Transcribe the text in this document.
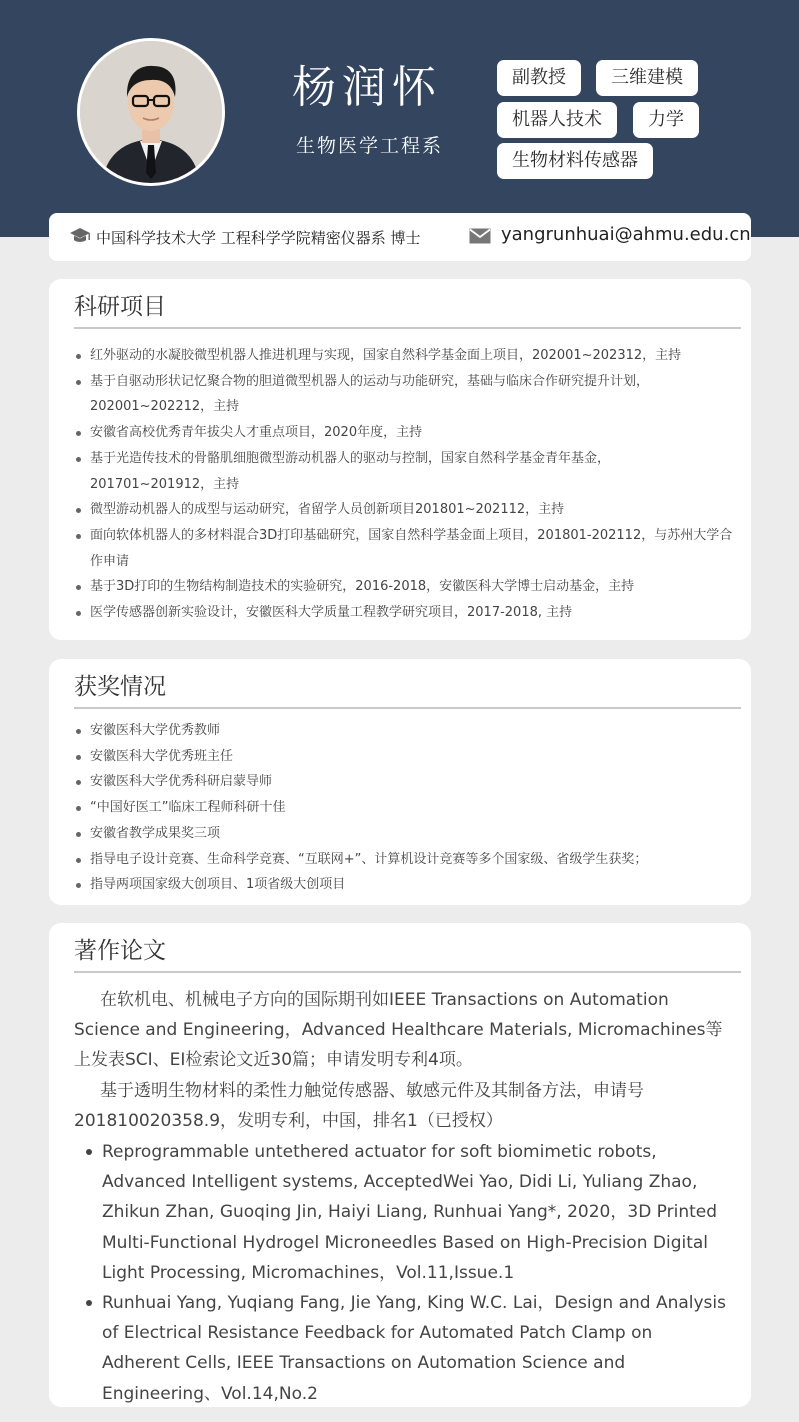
杨润怀
生物医学工程系
副教授	三维建模
机器人技术	力学
生物材料传感器
中国科学技术大学 工程科学学院精密仪器系 博士	yangrunhuai@ahmu.edu.cn
科研项目
红外驱动的水凝胶微型机器人推进机理与实现，国家自然科学基金面上项目，202001~202312，主持
基于自驱动形状记忆聚合物的胆道微型机器人的运动与功能研究，基础与临床合作研究提升计划，202001~202212，主持
安徽省高校优秀青年拔尖人才重点项目，2020年度，主持
基于光造传技术的骨骼肌细胞微型游动机器人的驱动与控制，国家自然科学基金青年基金，201701~201912，主持
微型游动机器人的成型与运动研究，省留学人员创新项目201801~202112，主持
面向软体机器人的多材料混合3D打印基础研究，国家自然科学基金面上项目，201801-202112，与苏州大学合作申请
基于3D打印的生物结构制造技术的实验研究，2016-2018，安徽医科大学博士启动基金，主持
医学传感器创新实验设计，安徽医科大学质量工程教学研究项目，2017-2018, 主持
获奖情况
安徽医科大学优秀教师
安徽医科大学优秀班主任
安徽医科大学优秀科研启蒙导师
“中国好医工”临床工程师科研十佳
安徽省教学成果奖三项
指导电子设计竞赛、生命科学竞赛、“互联网+”、计算机设计竞赛等多个国家级、省级学生获奖；
指导两项国家级大创项目、1项省级大创项目
著作论文
在软机电、机械电子方向的国际期刊如IEEE Transactions on Automation Science and Engineering，Advanced Healthcare Materials, Micromachines等上发表SCI、EI检索论文近30篇；申请发明专利4项。
基于透明生物材料的柔性力触觉传感器、敏感元件及其制备方法，申请号201810020358.9，发明专利，中国，排名1（已授权）
Reprogrammable untethered actuator for soft biomimetic robots, Advanced Intelligent systems, AcceptedWei Yao, Didi Li, Yuliang Zhao, Zhikun Zhan, Guoqing Jin, Haiyi Liang, Runhuai Yang*, 2020，3D Printed Multi-Functional Hydrogel Microneedles Based on High-Precision Digital Light Processing, Micromachines，Vol.11,Issue.1
Runhuai Yang, Yuqiang Fang, Jie Yang, King W.C. Lai，Design and Analysis of Electrical Resistance Feedback for Automated Patch Clamp on Adherent Cells, IEEE Transactions on Automation Science and Engineering、Vol.14,No.2
